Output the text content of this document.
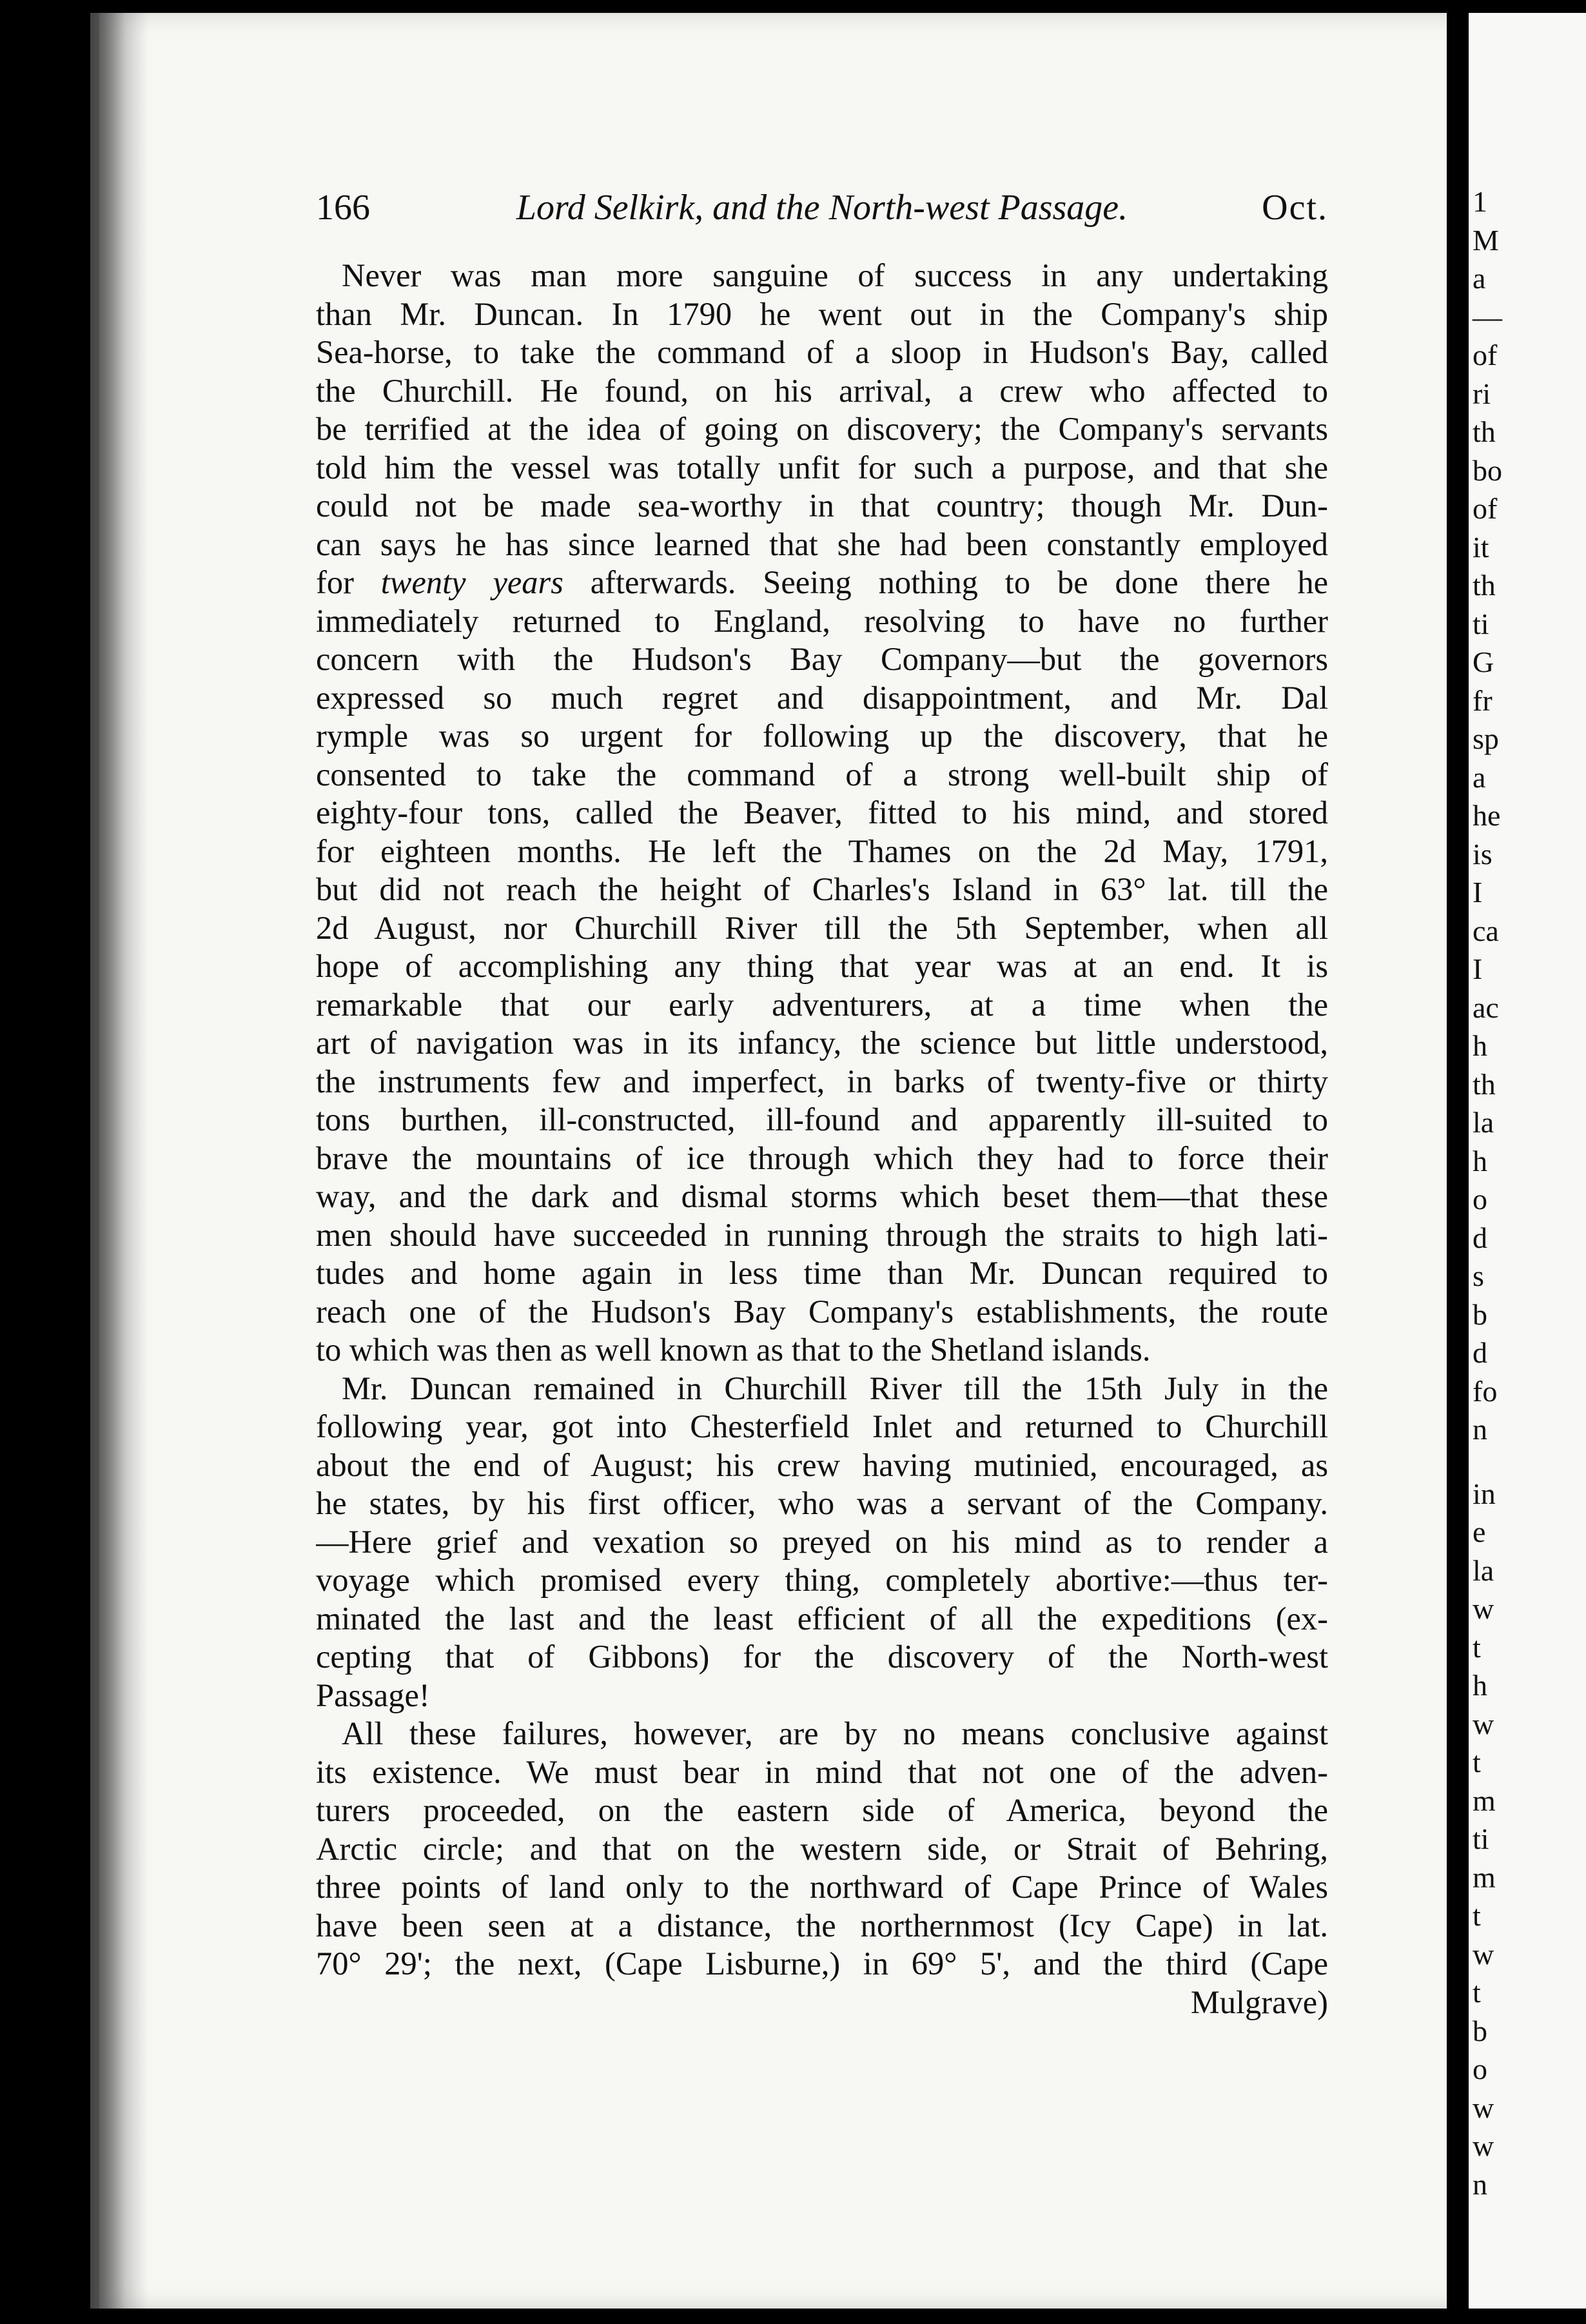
166	Lord Selkirk, and the North-west Passage.	Oct.
Never was man more sanguine of success in any undertaking
than Mr. Duncan. In 1790 he went out in the Company's ship
Sea-horse, to take the command of a sloop in Hudson's Bay, called
the Churchill. He found, on his arrival, a crew who affected to
be terrified at the idea of going on discovery; the Company's servants
told him the vessel was totally unfit for such a purpose, and that she
could not be made sea-worthy in that country; though Mr. Dun-
can says he has since learned that she had been constantly employed
for twenty years afterwards. Seeing nothing to be done there he
immediately returned to England, resolving to have no further
concern with the Hudson's Bay Company—but the governors
expressed so much regret and disappointment, and Mr. Dal
rymple was so urgent for following up the discovery, that he
consented to take the command of a strong well-built ship of
eighty-four tons, called the Beaver, fitted to his mind, and stored
for eighteen months. He left the Thames on the 2d May, 1791,
but did not reach the height of Charles's Island in 63° lat. till the
2d August, nor Churchill River till the 5th September, when all
hope of accomplishing any thing that year was at an end. It is
remarkable that our early adventurers, at a time when the
art of navigation was in its infancy, the science but little understood,
the instruments few and imperfect, in barks of twenty-five or thirty
tons burthen, ill-constructed, ill-found and apparently ill-suited to
brave the mountains of ice through which they had to force their
way, and the dark and dismal storms which beset them—that these
men should have succeeded in running through the straits to high lati-
tudes and home again in less time than Mr. Duncan required to
reach one of the Hudson's Bay Company's establishments, the route
to which was then as well known as that to the Shetland islands.
Mr. Duncan remained in Churchill River till the 15th July in the
following year, got into Chesterfield Inlet and returned to Churchill
about the end of August; his crew having mutinied, encouraged, as
he states, by his first officer, who was a servant of the Company.
—Here grief and vexation so preyed on his mind as to render a
voyage which promised every thing, completely abortive:—thus ter-
minated the last and the least efficient of all the expeditions (ex-
cepting that of Gibbons) for the discovery of the North-west
Passage!
All these failures, however, are by no means conclusive against
its existence. We must bear in mind that not one of the adven-
turers proceeded, on the eastern side of America, beyond the
Arctic circle; and that on the western side, or Strait of Behring,
three points of land only to the northward of Cape Prince of Wales
have been seen at a distance, the northernmost (Icy Cape) in lat.
70° 29'; the next, (Cape Lisburne,) in 69° 5', and the third (Cape
Mulgrave)
1
M
a
—
of
ri
th
bo
of
it
th
ti
G
fr
sp
a
he
is
I
ca
I
ac
h
th
la
h
o
d
s
b
d
fo
n
in
e
la
w
t
h
w
t
m
ti
m
t
w
t
b
o
w
w
n
